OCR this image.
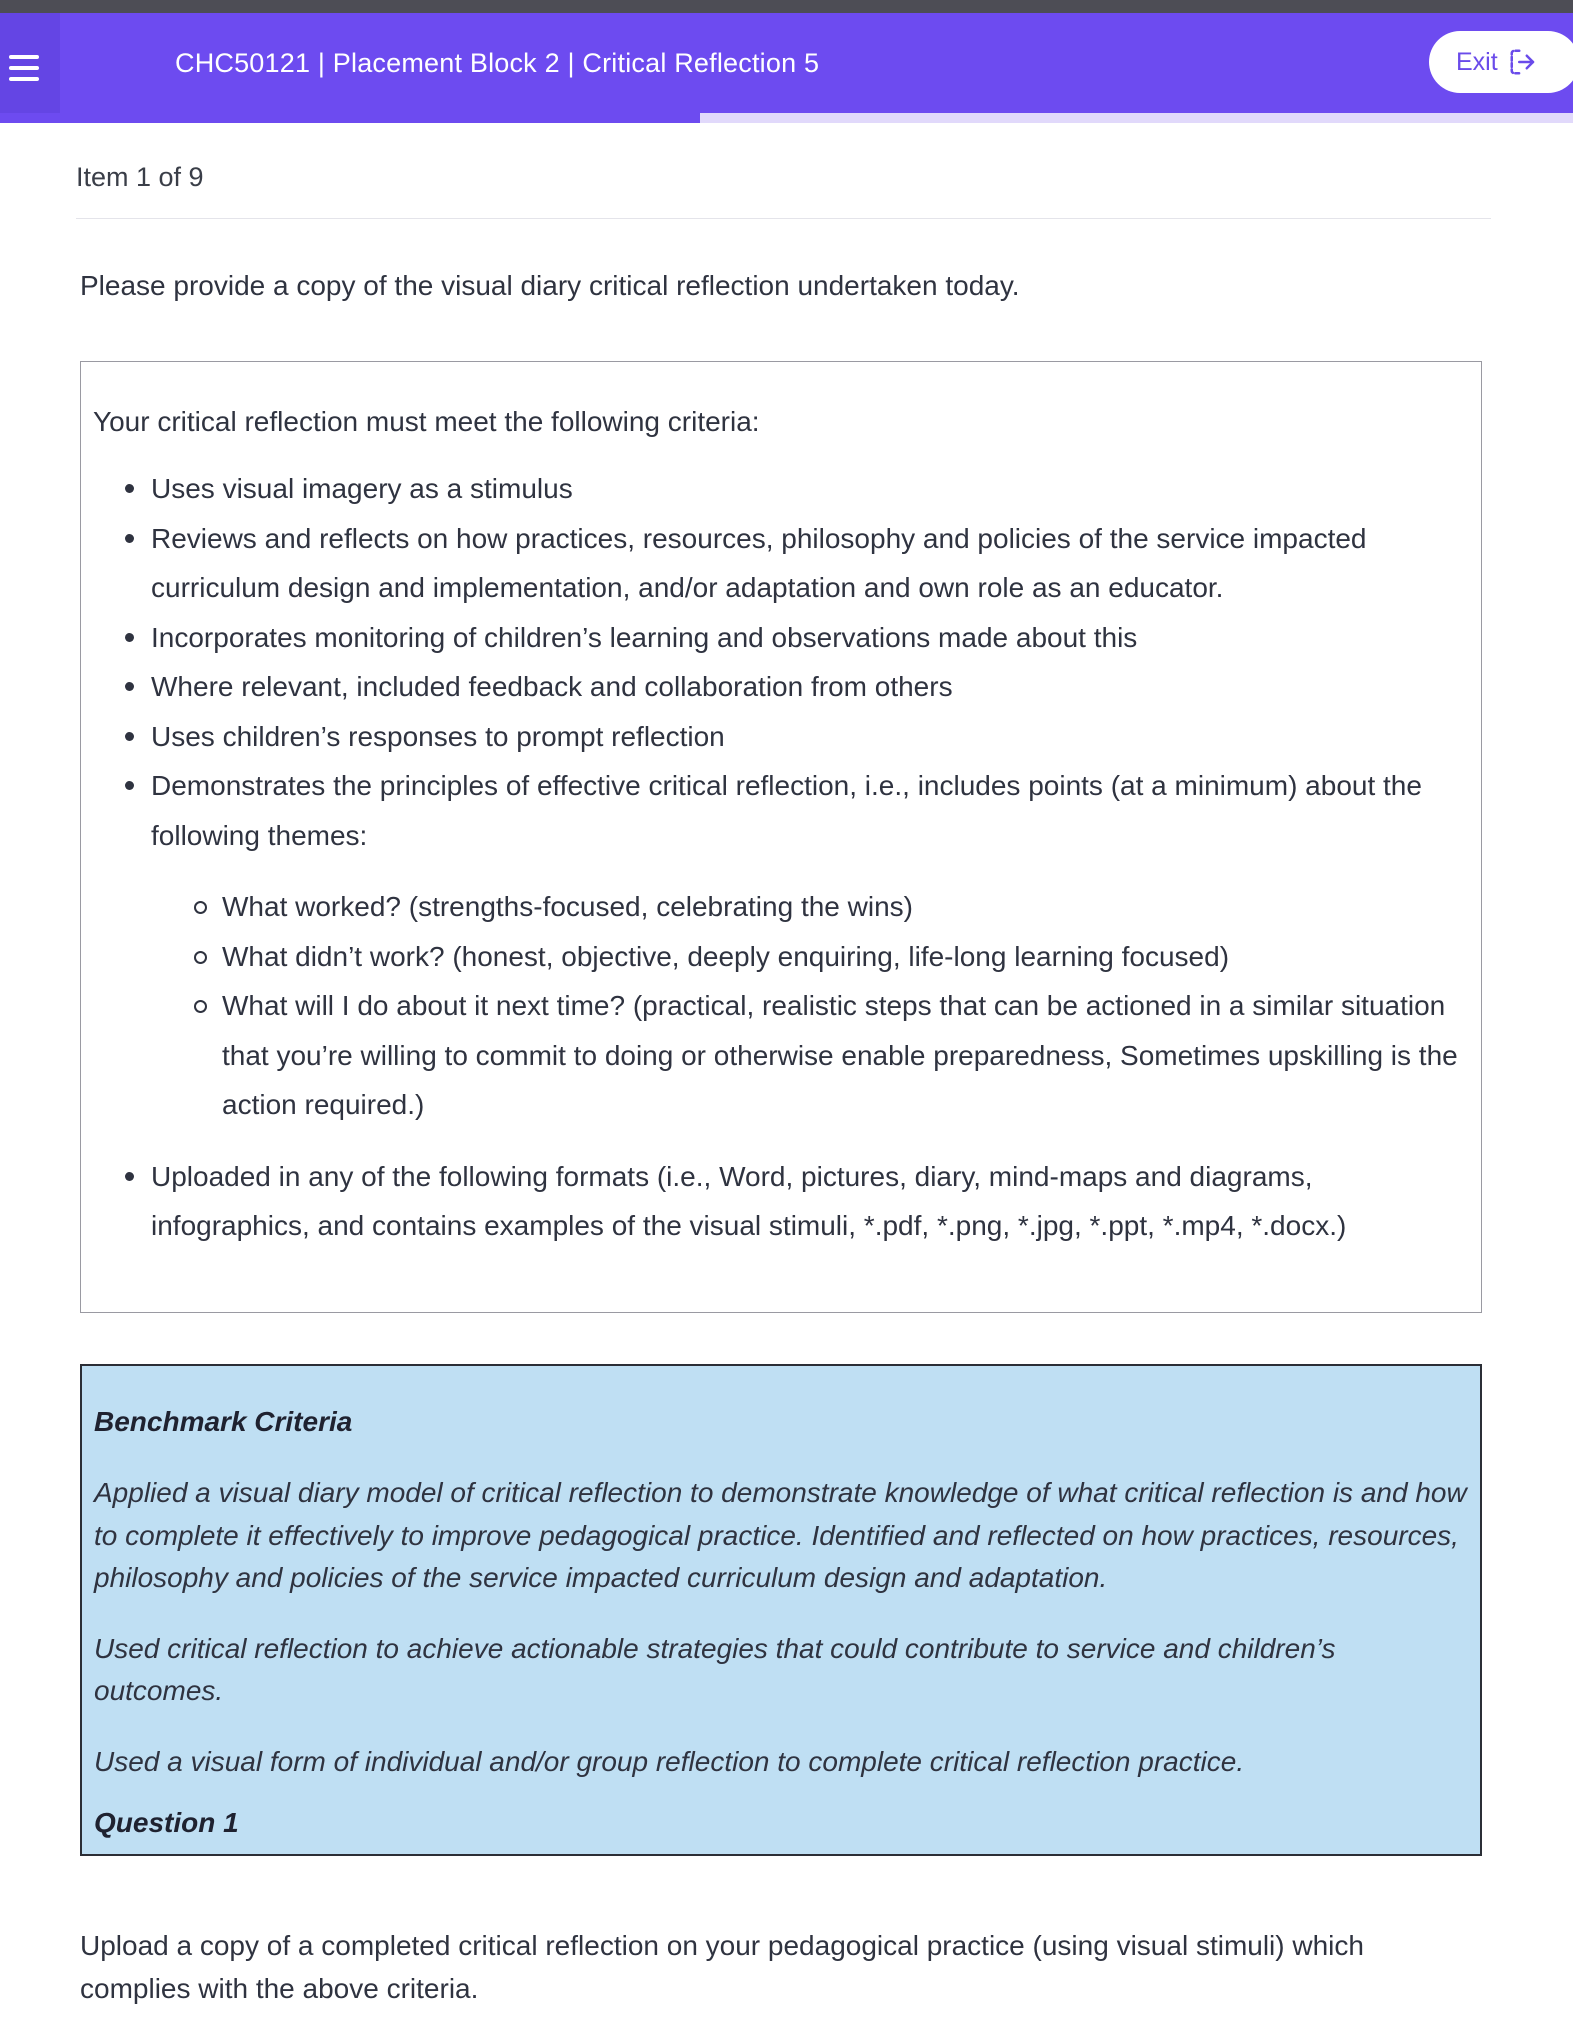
CHC50121 | Placement Block 2 | Critical Reflection 5	Exit
Item 1 of 9
Please provide a copy of the visual diary critical reflection undertaken today.
Your critical reflection must meet the following criteria:
Uses visual imagery as a stimulus
Reviews and reflects on how practices, resources, philosophy and policies of the service impacted curriculum design and implementation, and/or adaptation and own role as an educator.
Incorporates monitoring of children’s learning and observations made about this
Where relevant, included feedback and collaboration from others
Uses children’s responses to prompt reflection
Demonstrates the principles of effective critical reflection, i.e., includes points (at a minimum) about the following themes:
What worked? (strengths-focused, celebrating the wins)
What didn’t work? (honest, objective, deeply enquiring, life-long learning focused)
What will I do about it next time? (practical, realistic steps that can be actioned in a similar situation that you’re willing to commit to doing or otherwise enable preparedness, Sometimes upskilling is the action required.)
Uploaded in any of the following formats (i.e., Word, pictures, diary, mind-maps and diagrams, infographics, and contains examples of the visual stimuli, *.pdf, *.png, *.jpg, *.ppt, *.mp4, *.docx.)
Benchmark Criteria

Applied a visual diary model of critical reflection to demonstrate knowledge of what critical reflection is and how to complete it effectively to improve pedagogical practice. Identified and reflected on how practices, resources, philosophy and policies of the service impacted curriculum design and adaptation.

Used critical reflection to achieve actionable strategies that could contribute to service and children’s outcomes.

Used a visual form of individual and/or group reflection to complete critical reflection practice.

Question 1
Upload a copy of a completed critical reflection on your pedagogical practice (using visual stimuli) which complies with the above criteria.
